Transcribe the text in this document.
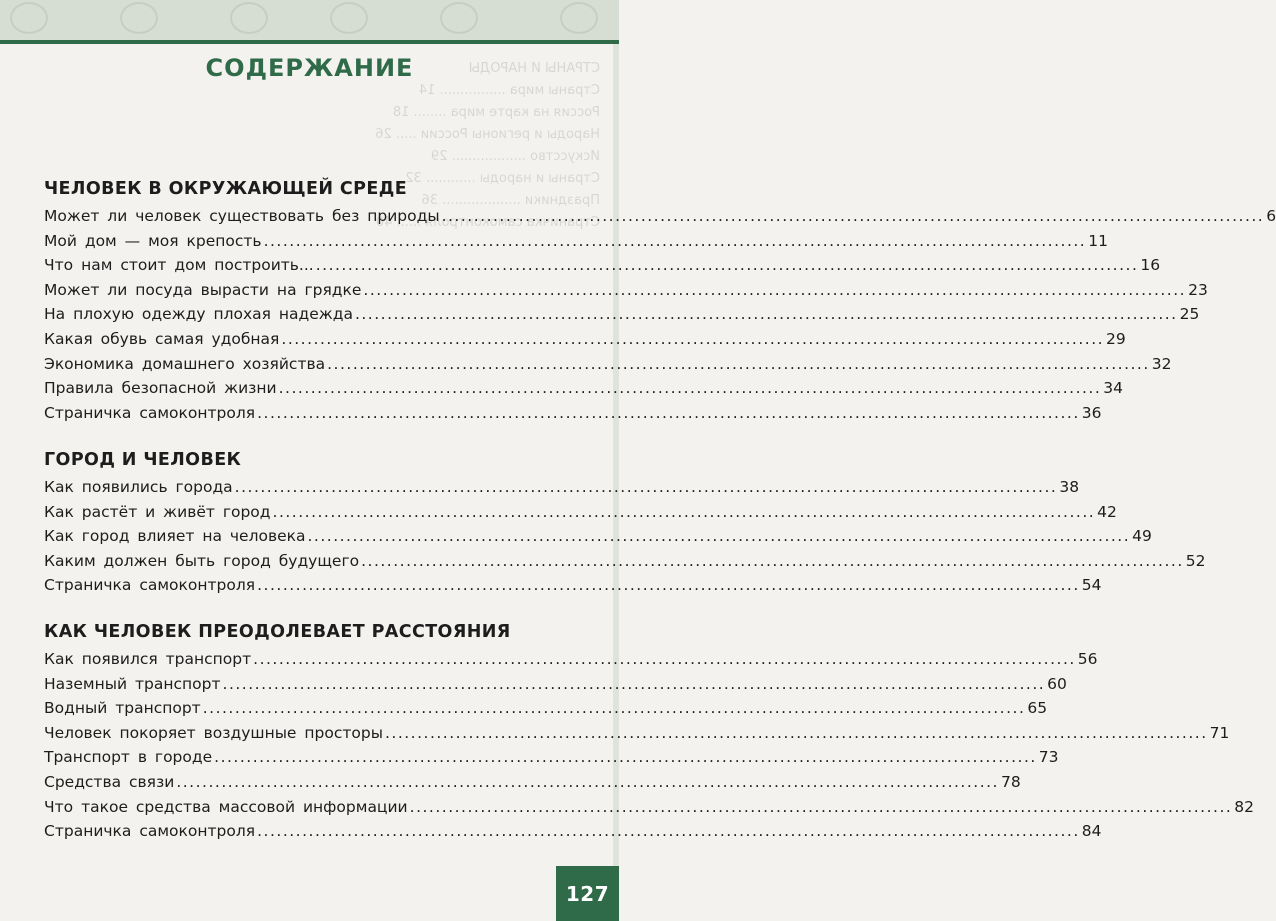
СТРАНЫ И НАРОДЫ
Страны мира ................ 14
Россия на карте мира ........ 18
Народы и регионы России ..... 26
Искусство .................. 29
Страны и народы ............ 32
Праздники ................... 36
Страничка самоконтроля ...... 40
СОДЕРЖАНИЕ
ЧЕЛОВЕК В ОКРУЖАЮЩЕЙ СРЕДЕ
Может ли человек существовать без природы .....	6
Мой дом — моя крепость .....	11
Что нам стоит дом построить... .....	16
Может ли посуда вырасти на грядке .....	23
На плохую одежду плохая надежда .....	25
Какая обувь самая удобная .....	29
Экономика домашнего хозяйства .....	32
Правила безопасной жизни .....	34
Страничка самоконтроля .....	36
ГОРОД И ЧЕЛОВЕК
Как появились города .....	38
Как растёт и живёт город .....	42
Как город влияет на человека .....	49
Каким должен быть город будущего .....	52
Страничка самоконтроля .....	54
КАК ЧЕЛОВЕК ПРЕОДОЛЕВАЕТ РАССТОЯНИЯ
Как появился транспорт .....	56
Наземный транспорт .....	60
Водный транспорт .....	65
Человек покоряет воздушные просторы .....	71
Транспорт в городе .....	73
Средства связи .....	78
Что такое средства массовой информации .....	82
Страничка самоконтроля .....	84
127
